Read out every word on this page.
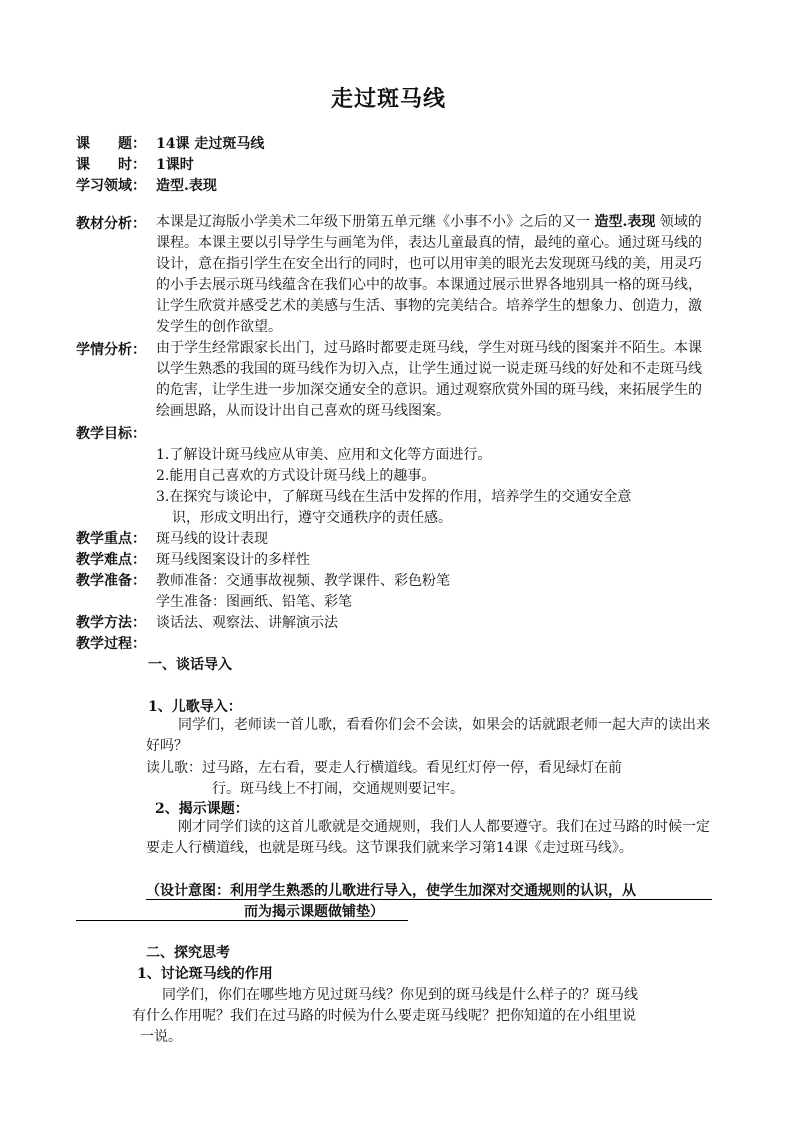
走过斑马线
课　　题： 14课 走过斑马线
课　　时： 1课时
学习领域： 造型.表现
教材分析： 本课是辽海版小学美术二年级下册第五单元继《小事不小》之后的又一 造型.表现 领域的课程。本课主要以引导学生与画笔为伴，表达儿童最真的情，最纯的童心。通过斑马线的设计，意在指引学生在安全出行的同时，也可以用审美的眼光去发现斑马线的美，用灵巧的小手去展示斑马线蕴含在我们心中的故事。本课通过展示世界各地别具一格的斑马线，让学生欣赏并感受艺术的美感与生活、事物的完美结合。培养学生的想象力、创造力，激发学生的创作欲望。
学情分析： 由于学生经常跟家长出门，过马路时都要走斑马线，学生对斑马线的图案并不陌生。本课以学生熟悉的我国的斑马线作为切入点，让学生通过说一说走斑马线的好处和不走斑马线的危害，让学生进一步加深交通安全的意识。通过观察欣赏外国的斑马线，来拓展学生的绘画思路，从而设计出自己喜欢的斑马线图案。
教学目标：
1.了解设计斑马线应从审美、应用和文化等方面进行。
2.能用自己喜欢的方式设计斑马线上的趣事。
3.在探究与谈论中，了解斑马线在生活中发挥的作用，培养学生的交通安全意
识，形成文明出行，遵守交通秩序的责任感。
教学重点： 斑马线的设计表现
教学难点： 斑马线图案设计的多样性
教学准备： 教师准备：交通事故视频、教学课件、彩色粉笔
学生准备：图画纸、铅笔、彩笔
教学方法： 谈话法、观察法、讲解演示法
教学过程：
一、谈话导入
1、儿歌导入：
同学们，老师读一首儿歌，看看你们会不会读，如果会的话就跟老师一起大声的读出来好吗？
读儿歌：过马路，左右看，要走人行横道线。看见红灯停一停，看见绿灯在前
行。斑马线上不打闹，交通规则要记牢。
2、揭示课题：
刚才同学们读的这首儿歌就是交通规则，我们人人都要遵守。我们在过马路的时候一定要走人行横道线，也就是斑马线。这节课我们就来学习第14课《走过斑马线》。
（设计意图：利用学生熟悉的儿歌进行导入，使学生加深对交通规则的认识，从
而为揭示课题做铺垫）
二、探究思考
1、讨论斑马线的作用
同学们，你们在哪些地方见过斑马线？你见到的斑马线是什么样子的？斑马线
有什么作用呢？我们在过马路的时候为什么要走斑马线呢？把你知道的在小组里说
一说。
